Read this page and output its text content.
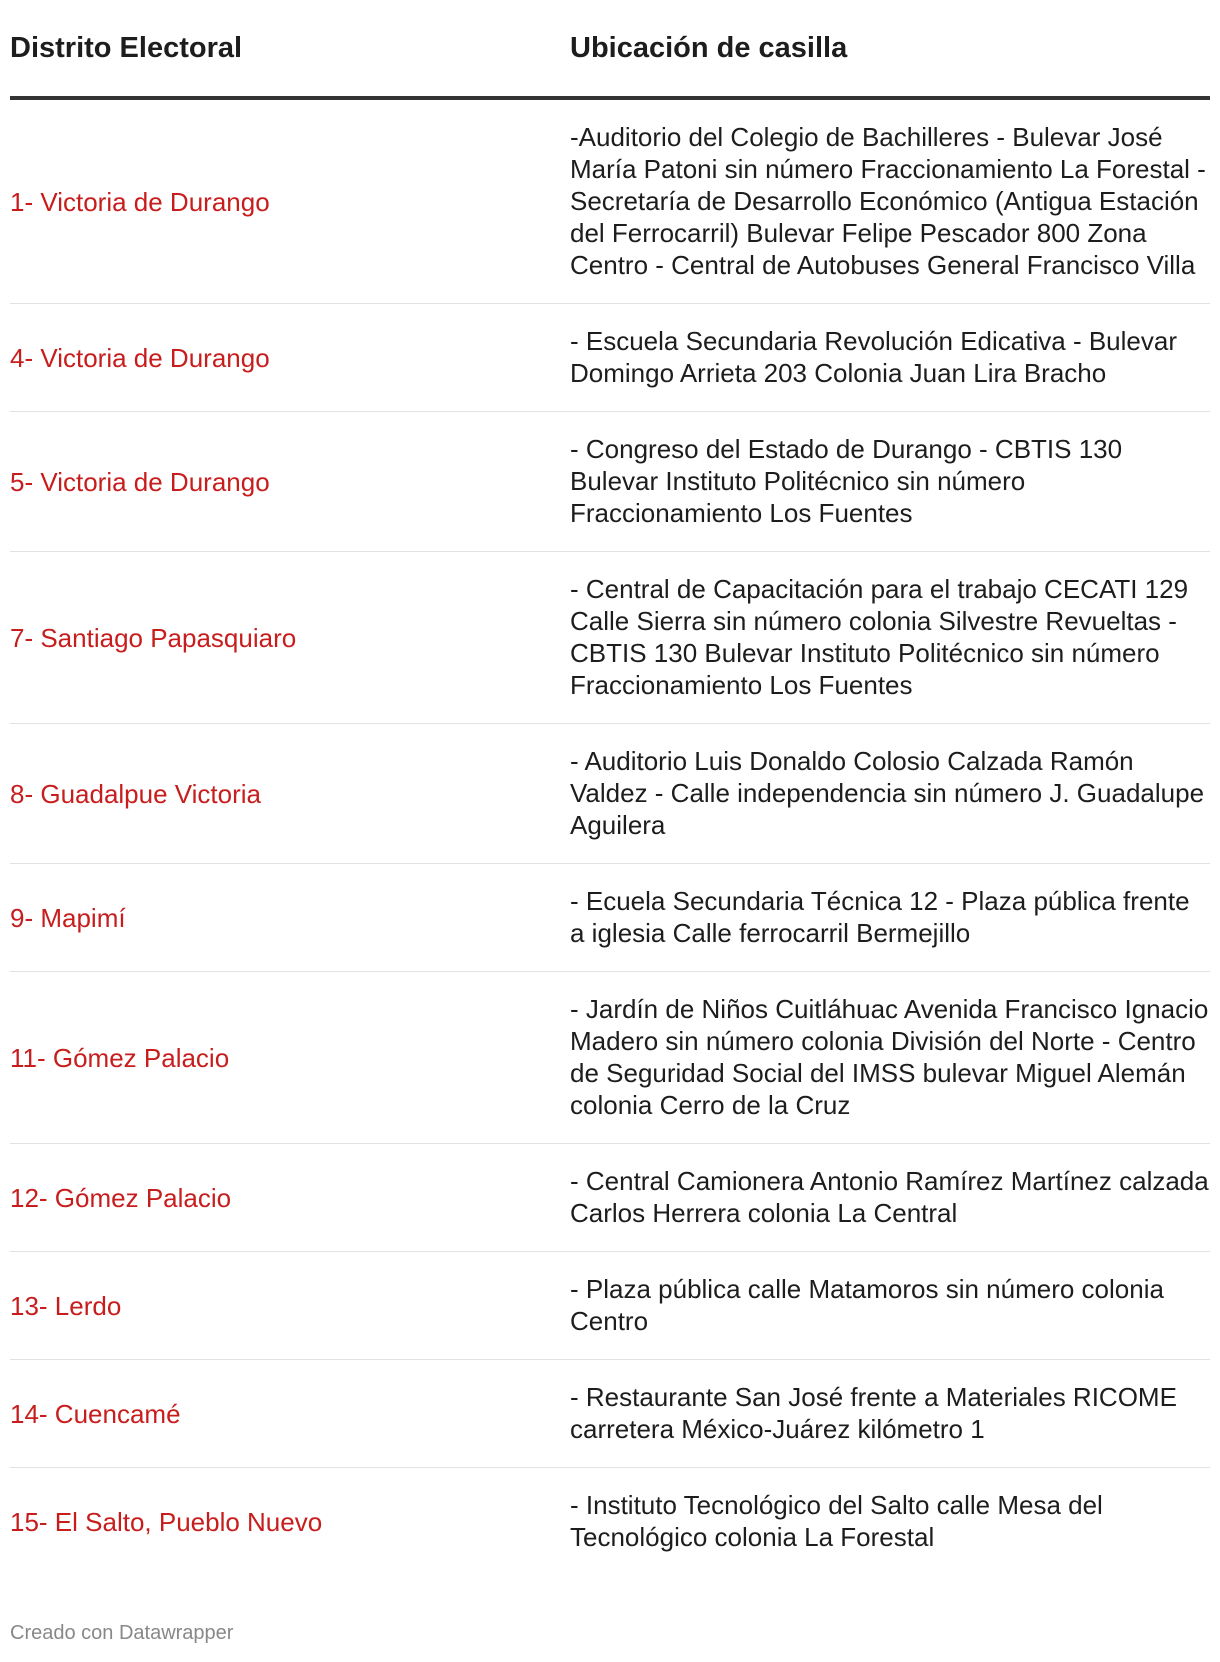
Distrito Electoral	Ubicación de casilla
1- Victoria de Durango	-Auditorio del Colegio de Bachilleres - Bulevar José María Patoni sin número Fraccionamiento La Forestal - Secretaría de Desarrollo Económico (Antigua Estación del Ferrocarril) Bulevar Felipe Pescador 800 Zona Centro - Central de Autobuses General Francisco Villa
4- Victoria de Durango	- Escuela Secundaria Revolución Edicativa - Bulevar Domingo Arrieta 203 Colonia Juan Lira Bracho
5- Victoria de Durango	- Congreso del Estado de Durango - CBTIS 130 Bulevar Instituto Politécnico sin número Fraccionamiento Los Fuentes
7- Santiago Papasquiaro	- Central de Capacitación para el trabajo CECATI 129 Calle Sierra sin número colonia Silvestre Revueltas - CBTIS 130 Bulevar Instituto Politécnico sin número Fraccionamiento Los Fuentes
8- Guadalpue Victoria	- Auditorio Luis Donaldo Colosio Calzada Ramón Valdez - Calle independencia sin número J. Guadalupe Aguilera
9- Mapimí	- Ecuela Secundaria Técnica 12 - Plaza pública frente a iglesia Calle ferrocarril Bermejillo
11- Gómez Palacio	- Jardín de Niños Cuitláhuac Avenida Francisco Ignacio Madero sin número colonia División del Norte - Centro de Seguridad Social del IMSS bulevar Miguel Alemán colonia Cerro de la Cruz
12- Gómez Palacio	- Central Camionera Antonio Ramírez Martínez calzada Carlos Herrera colonia La Central
13- Lerdo	- Plaza pública calle Matamoros sin número colonia Centro
14- Cuencamé	- Restaurante San José frente a Materiales RICOME carretera México-Juárez kilómetro 1
15- El Salto, Pueblo Nuevo	- Instituto Tecnológico del Salto calle Mesa del Tecnológico colonia La Forestal
Creado con Datawrapper
